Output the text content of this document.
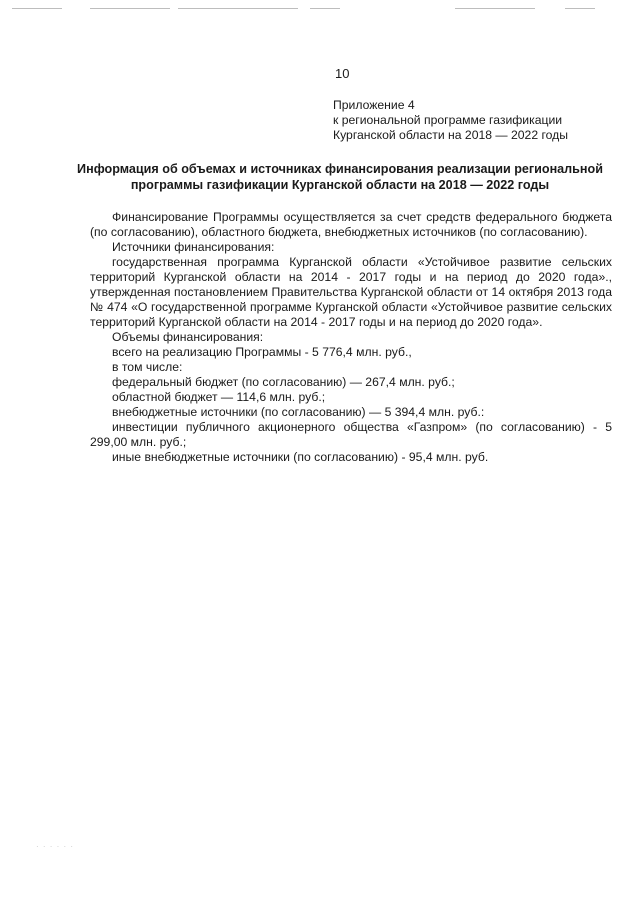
10
Приложение 4
к региональной программе газификации
Курганской области на 2018 — 2022 годы
Информация об объемах и источниках финансирования реализации региональной программы газификации Курганской области на 2018 — 2022 годы

Финансирование Программы осуществляется за счет средств федерального бюджета (по согласованию), областного бюджета, внебюджетных источников (по согласованию).

Источники финансирования:

государственная программа Курганской области «Устойчивое развитие сельских территорий Курганской области на 2014 - 2017 годы и на период до 2020 года»., утвержденная постановлением Правительства Курганской области от 14 октября 2013 года № 474 «О государственной программе Курганской области «Устойчивое развитие сельских территорий Курганской области на 2014 - 2017 годы и на период до 2020 года».

Объемы финансирования:

всего на реализацию Программы - 5 776,4 млн. руб.,

в том числе:

федеральный бюджет (по согласованию) — 267,4 млн. руб.;

областной бюджет — 114,6 млн. руб.;

внебюджетные источники (по согласованию) — 5 394,4 млн. руб.:

инвестиции публичного акционерного общества «Газпром» (по согласованию) - 5 299,00 млн. руб.;

иные внебюджетные источники (по согласованию) - 95,4 млн. руб.

· · · · · ·
